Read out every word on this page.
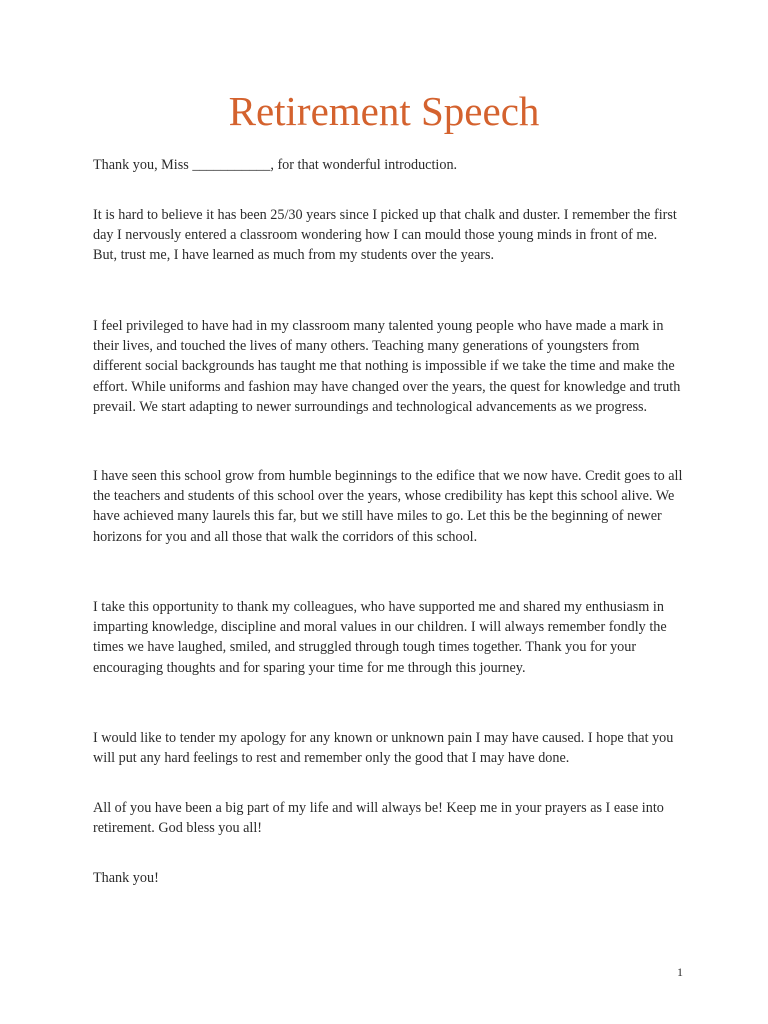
Retirement Speech

Thank you, Miss ___________, for that wonderful introduction.

It is hard to believe it has been 25/30 years since I picked up that chalk and duster. I remember the first day I nervously entered a classroom wondering how I can mould those young minds in front of me. But, trust me, I have learned as much from my students over the years.

I feel privileged to have had in my classroom many talented young people who have made a mark in their lives, and touched the lives of many others. Teaching many generations of youngsters from different social backgrounds has taught me that nothing is impossible if we take the time and make the effort. While uniforms and fashion may have changed over the years, the quest for knowledge and truth prevail. We start adapting to newer surroundings and technological advancements as we progress.

I have seen this school grow from humble beginnings to the edifice that we now have. Credit goes to all the teachers and students of this school over the years, whose credibility has kept this school alive. We have achieved many laurels this far, but we still have miles to go. Let this be the beginning of newer horizons for you and all those that walk the corridors of this school.

I take this opportunity to thank my colleagues, who have supported me and shared my enthusiasm in imparting knowledge, discipline and moral values in our children. I will always remember fondly the times we have laughed, smiled, and struggled through tough times together. Thank you for your encouraging thoughts and for sparing your time for me through this journey.

I would like to tender my apology for any known or unknown pain I may have caused. I hope that you will put any hard feelings to rest and remember only the good that I may have done.

All of you have been a big part of my life and will always be! Keep me in your prayers as I ease into retirement. God bless you all!

Thank you!

1
